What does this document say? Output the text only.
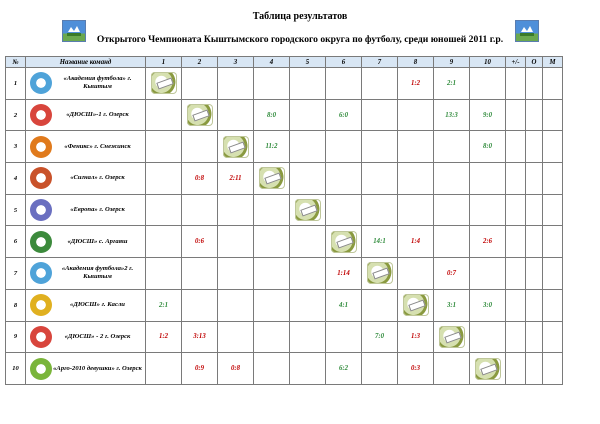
Таблица результатов
Открытого Чемпионата Кыштымского городского округа по футболу, среди юношей 2011 г.р.
№	Название команд	1	2	3	4	5	6	7	8	9	10	+/-	О	М
1	«Академия футбола» г. Кыштым								1:2	2:1				
2	«ДЮСШ»-1 г. Озерск				8:0		6:0			13:3	9:0			
3	«Феникс» г. Снежинск				11:2						8:0			
4	«Сигнал» г. Озерск		0:8	2:11	

5	«Европа» г. Озерск													

6	«ДЮСШ» с. Аргаяш		0:6					14:1	1:4		2:6			
7	«Академия футбола»2 г. Кыштым						1:14			0:7				
8	«ДЮСШ» г. Касли	2:1					4:1			3:1	3:0			
9	«ДЮСШ» - 2 г. Озерск	1:2	3:13					7:0	1:3	

10	«Арго-2010 девушки» г. Озерск		0:9	0:8			6:2		0:3		
